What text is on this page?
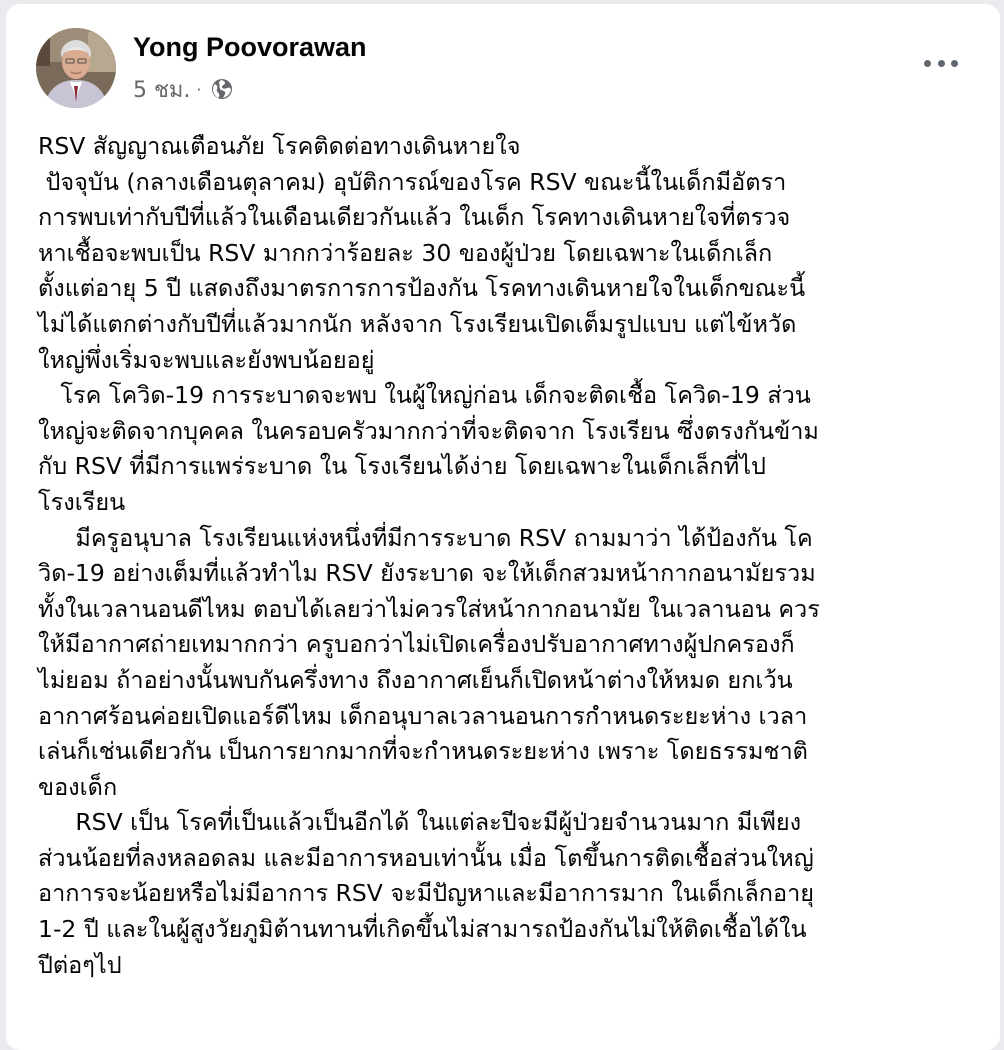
Yong Poovorawan
5 ชม. ·
RSV สัญญาณเตือนภัย โรคติดต่อทางเดินหายใจ
ปัจจุบัน (กลางเดือนตุลาคม) อุบัติการณ์ของโรค RSV ขณะนี้ในเด็กมีอัตรา
การพบเท่ากับปีที่แล้วในเดือนเดียวกันแล้ว ในเด็ก โรคทางเดินหายใจที่ตรวจ
หาเชื้อจะพบเป็น RSV มากกว่าร้อยละ 30 ของผู้ป่วย โดยเฉพาะในเด็กเล็ก
ตั้งแต่อายุ 5 ปี แสดงถึงมาตรการการป้องกัน โรคทางเดินหายใจในเด็กขณะนี้
ไม่ได้แตกต่างกับปีที่แล้วมากนัก หลังจาก โรงเรียนเปิดเต็มรูปแบบ แต่ไข้หวัด
ใหญ่พึ่งเริ่มจะพบและยังพบน้อยอยู่
โรค โควิด-19 การระบาดจะพบ ในผู้ใหญ่ก่อน เด็กจะติดเชื้อ โควิด-19 ส่วน
ใหญ่จะติดจากบุคคล ในครอบครัวมากกว่าที่จะติดจาก โรงเรียน ซึ่งตรงกันข้าม
กับ RSV ที่มีการแพร่ระบาด ใน โรงเรียนได้ง่าย โดยเฉพาะในเด็กเล็กที่ไป
โรงเรียน
มีครูอนุบาล โรงเรียนแห่งหนึ่งที่มีการระบาด RSV ถามมาว่า ได้ป้องกัน โค
วิด-19 อย่างเต็มที่แล้วทำไม RSV ยังระบาด จะให้เด็กสวมหน้ากากอนามัยรวม
ทั้งในเวลานอนดีไหม ตอบได้เลยว่าไม่ควรใส่หน้ากากอนามัย ในเวลานอน ควร
ให้มีอากาศถ่ายเทมากกว่า ครูบอกว่าไม่เปิดเครื่องปรับอากาศทางผู้ปกครองก็
ไม่ยอม ถ้าอย่างนั้นพบกันครึ่งทาง ถึงอากาศเย็นก็เปิดหน้าต่างให้หมด ยกเว้น
อากาศร้อนค่อยเปิดแอร์ดีไหม เด็กอนุบาลเวลานอนการกำหนดระยะห่าง เวลา
เล่นก็เช่นเดียวกัน เป็นการยากมากที่จะกำหนดระยะห่าง เพราะ โดยธรรมชาติ
ของเด็ก
RSV เป็น โรคที่เป็นแล้วเป็นอีกได้ ในแต่ละปีจะมีผู้ป่วยจำนวนมาก มีเพียง
ส่วนน้อยที่ลงหลอดลม และมีอาการหอบเท่านั้น เมื่อ โตขึ้นการติดเชื้อส่วนใหญ่
อาการจะน้อยหรือไม่มีอาการ RSV จะมีปัญหาและมีอาการมาก ในเด็กเล็กอายุ
1-2 ปี และในผู้สูงวัยภูมิต้านทานที่เกิดขึ้นไม่สามารถป้องกันไม่ให้ติดเชื้อได้ใน
ปีต่อๆไป
